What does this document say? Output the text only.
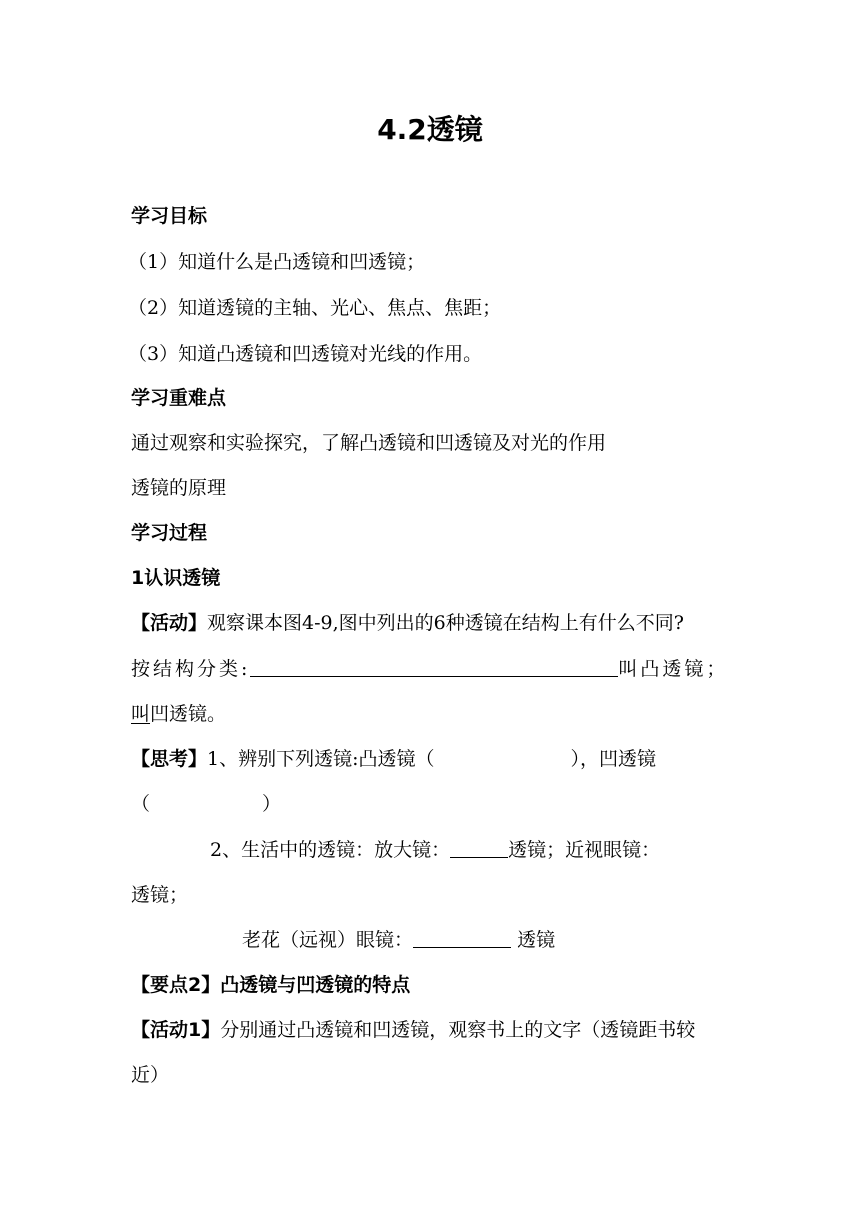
4.2透镜
学习目标
（1）知道什么是凸透镜和凹透镜；
（2）知道透镜的主轴、光心、焦点、焦距；
（3）知道凸透镜和凹透镜对光线的作用。
学习重难点
通过观察和实验探究，了解凸透镜和凹透镜及对光的作用
透镜的原理
学习过程
1认识透镜
【活动】观察课本图4-9,图中列出的6种透镜在结构上有什么不同?
按结构分类:	叫凸透镜；
叫凹透镜。
【思考】1、辨别下列透镜:凸透镜（	），凹透镜
（	）
2、生活中的透镜：放大镜：	透镜；近视眼镜：
透镜；
老花（远视）眼镜：	透镜
【要点2】凸透镜与凹透镜的特点
【活动1】分别通过凸透镜和凹透镜，观察书上的文字（透镜距书较
近）
